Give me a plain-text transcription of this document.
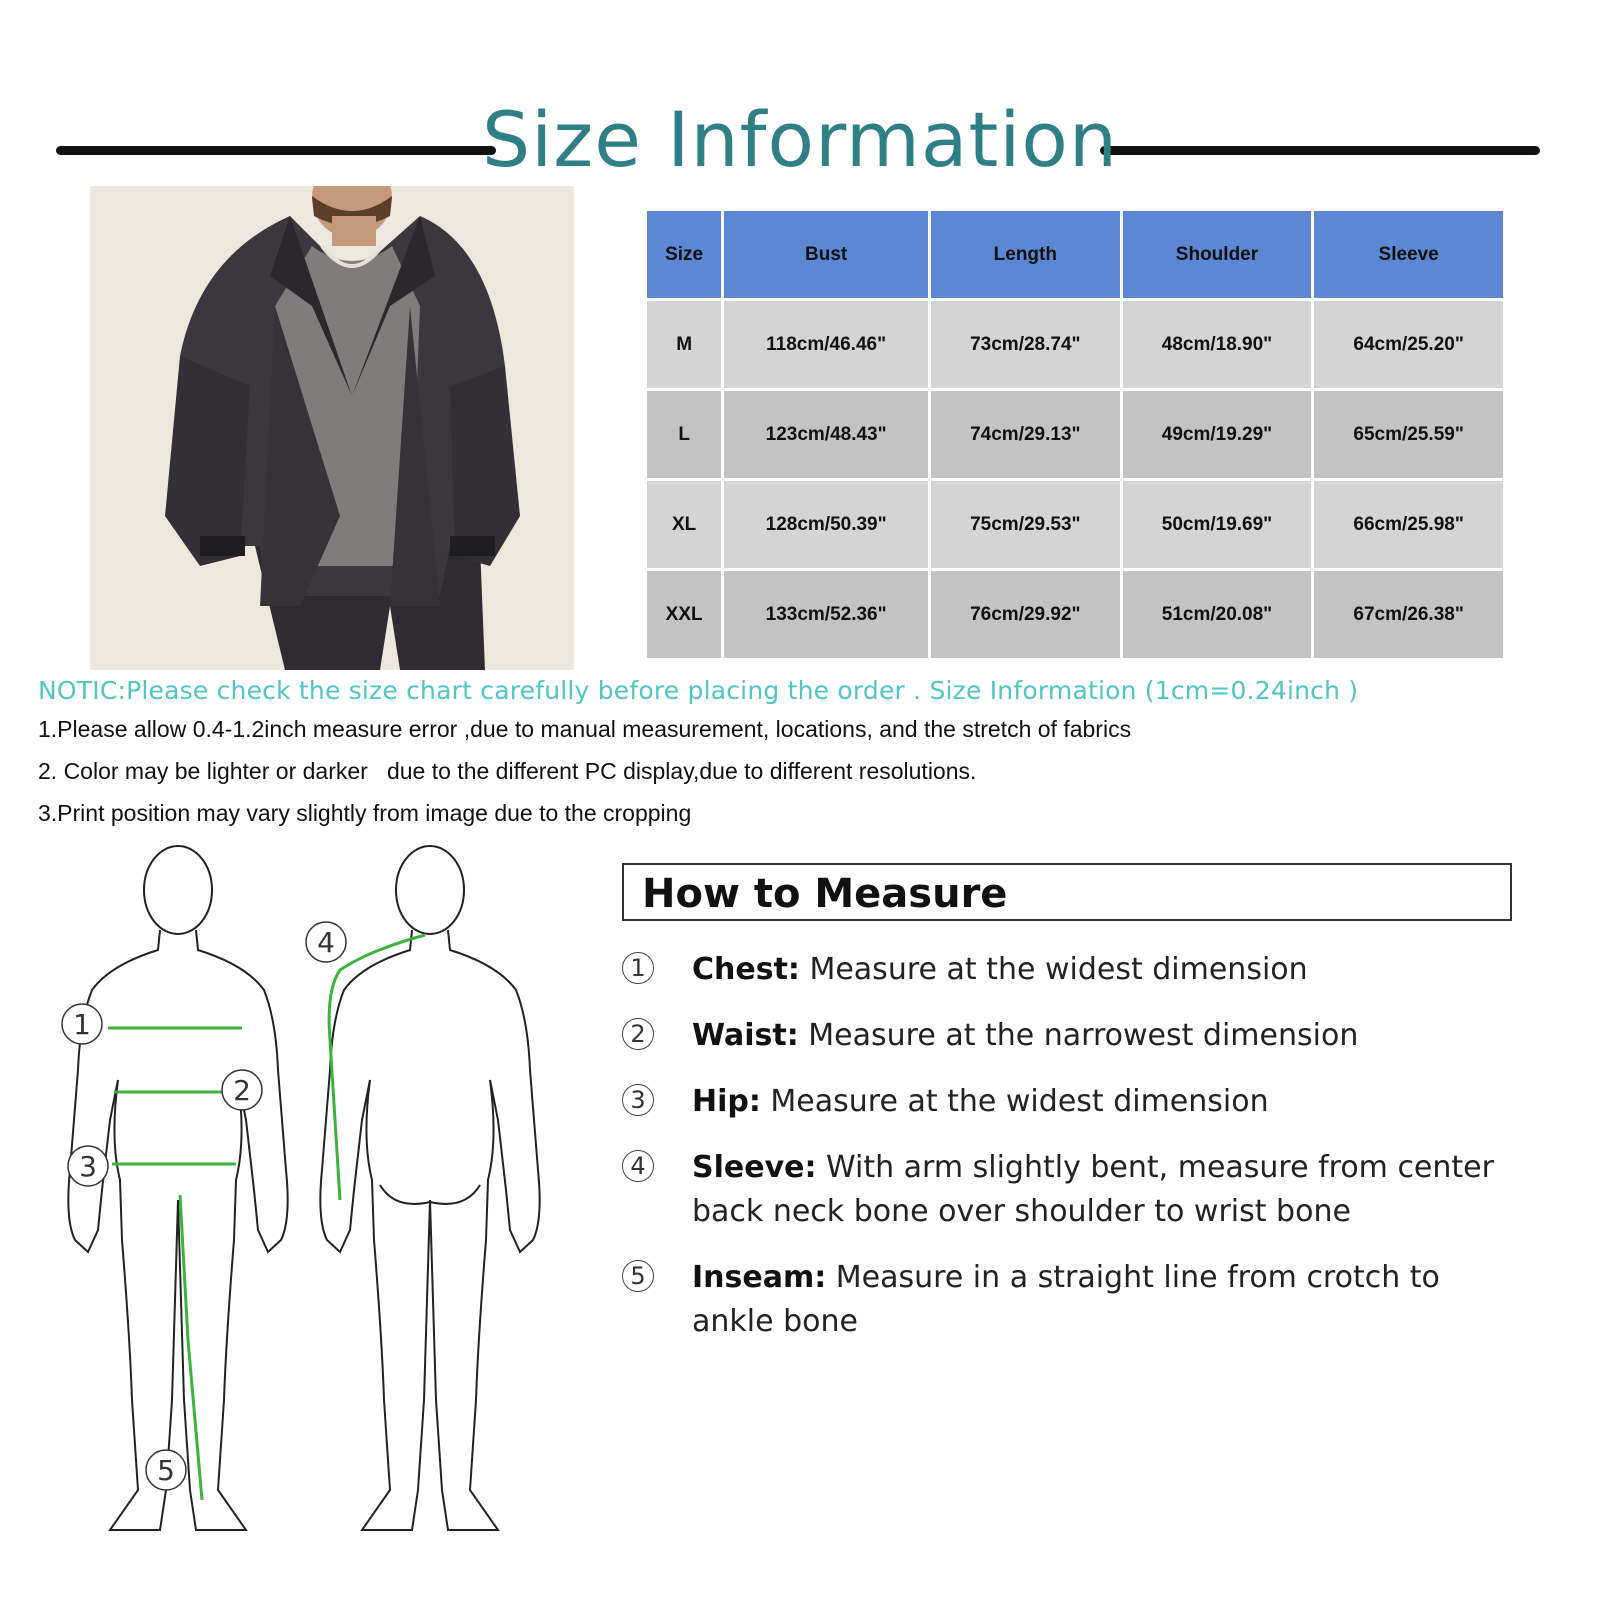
Size Information
Size	Bust	Length	Shoulder	Sleeve
M	118cm/46.46"	73cm/28.74"	48cm/18.90"	64cm/25.20"
L	123cm/48.43"	74cm/29.13"	49cm/19.29"	65cm/25.59"
XL	128cm/50.39"	75cm/29.53"	50cm/19.69"	66cm/25.98"
XXL	133cm/52.36"	76cm/29.92"	51cm/20.08"	67cm/26.38"
NOTIC:Please check the size chart carefully before placing the order . Size Information (1cm=0.24inch )
1.Please allow 0.4-1.2inch measure error ,due to manual measurement, locations, and the stretch of fabrics
2. Color may be lighter or darker   due to the different PC display,due to different resolutions.
3.Print position may vary slightly from image due to the cropping
1
2
3
4
5
How to Measure
1 Chest: Measure at the widest dimension
2 Waist: Measure at the narrowest dimension
3 Hip: Measure at the widest dimension
4 Sleeve: With arm slightly bent, measure from center back neck bone over shoulder to wrist bone
5 Inseam: Measure in a straight line from crotch to ankle bone
